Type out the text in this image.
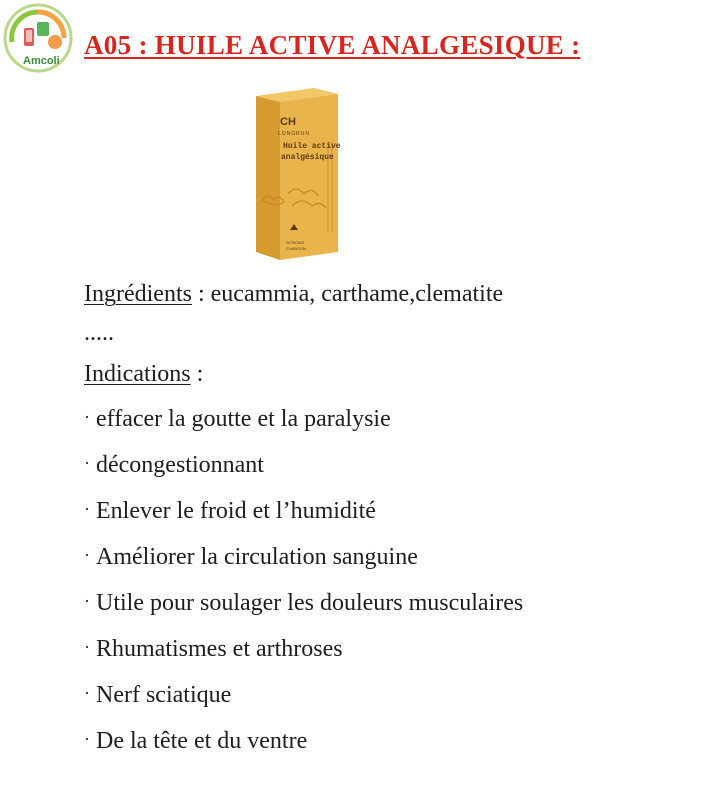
Amcoli
A05 : HUILE ACTIVE ANALGESIQUE :
CH
LONGRUN
Huile active
analgésique
DITRONS
CHANSON
Ingrédients : eucammia, carthame,clematite
.....
Indications :
· effacer la goutte et la paralysie
· décongestionnant
· Enlever le froid et l’humidité
· Améliorer la circulation sanguine
· Utile pour soulager les douleurs musculaires
· Rhumatismes et arthroses
· Nerf sciatique
· De la tête et du ventre
